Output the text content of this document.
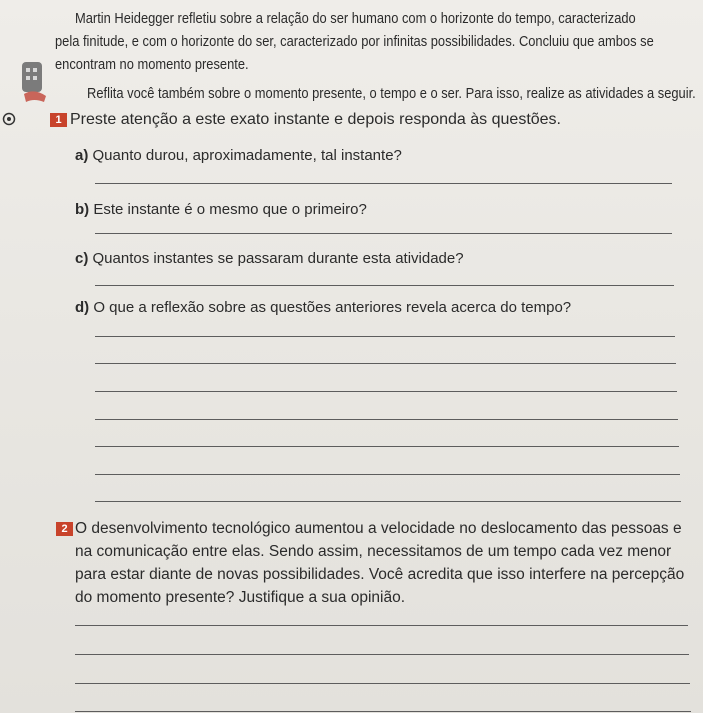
Martin Heidegger refletiu sobre a relação do ser humano com o horizonte do tempo, caracterizado
pela finitude, e com o horizonte do ser, caracterizado por infinitas possibilidades. Concluiu que ambos se
encontram no momento presente.
Reflita você também sobre o momento presente, o tempo e o ser. Para isso, realize as atividades a seguir.
1 Preste atenção a este exato instante e depois responda às questões.
a) Quanto durou, aproximadamente, tal instante?
b) Este instante é o mesmo que o primeiro?
c) Quantos instantes se passaram durante esta atividade?
d) O que a reflexão sobre as questões anteriores revela acerca do tempo?
2 O desenvolvimento tecnológico aumentou a velocidade no deslocamento das pessoas e
na comunicação entre elas. Sendo assim, necessitamos de um tempo cada vez menor
para estar diante de novas possibilidades. Você acredita que isso interfere na percepção
do momento presente? Justifique a sua opinião.
